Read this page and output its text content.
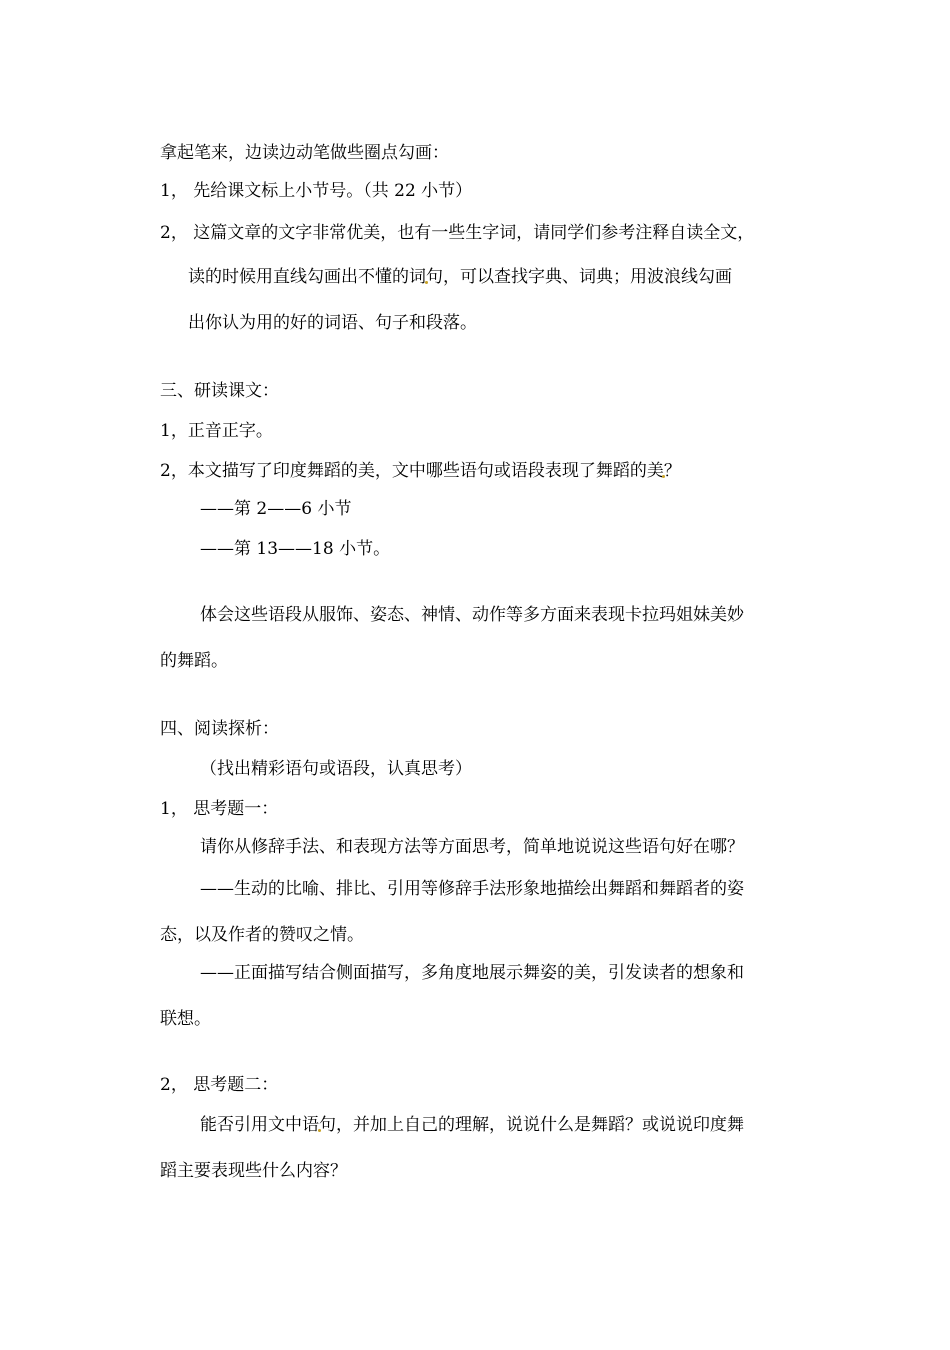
拿起笔来，边读边动笔做些圈点勾画：
1， 先给课文标上小节号。（共 22 小节）
2， 这篇文章的文字非常优美，也有一些生字词，请同学们参考注释自读全文，
读的时候用直线勾画出不懂的词句，可以查找字典、词典；用波浪线勾画
出你认为用的好的词语、句子和段落。
三、研读课文：
1，正音正字。
2，本文描写了印度舞蹈的美，文中哪些语句或语段表现了舞蹈的美？
——第 2——6 小节
——第 13——18 小节。
体会这些语段从服饰、姿态、神情、动作等多方面来表现卡拉玛姐妹美妙
的舞蹈。
四、阅读探析：
（找出精彩语句或语段，认真思考）
1， 思考题一：
请你从修辞手法、和表现方法等方面思考，简单地说说这些语句好在哪？
——生动的比喻、排比、引用等修辞手法形象地描绘出舞蹈和舞蹈者的姿
态，以及作者的赞叹之情。
——正面描写结合侧面描写，多角度地展示舞姿的美，引发读者的想象和
联想。
2， 思考题二：
能否引用文中语句，并加上自己的理解，说说什么是舞蹈？或说说印度舞
蹈主要表现些什么内容？
